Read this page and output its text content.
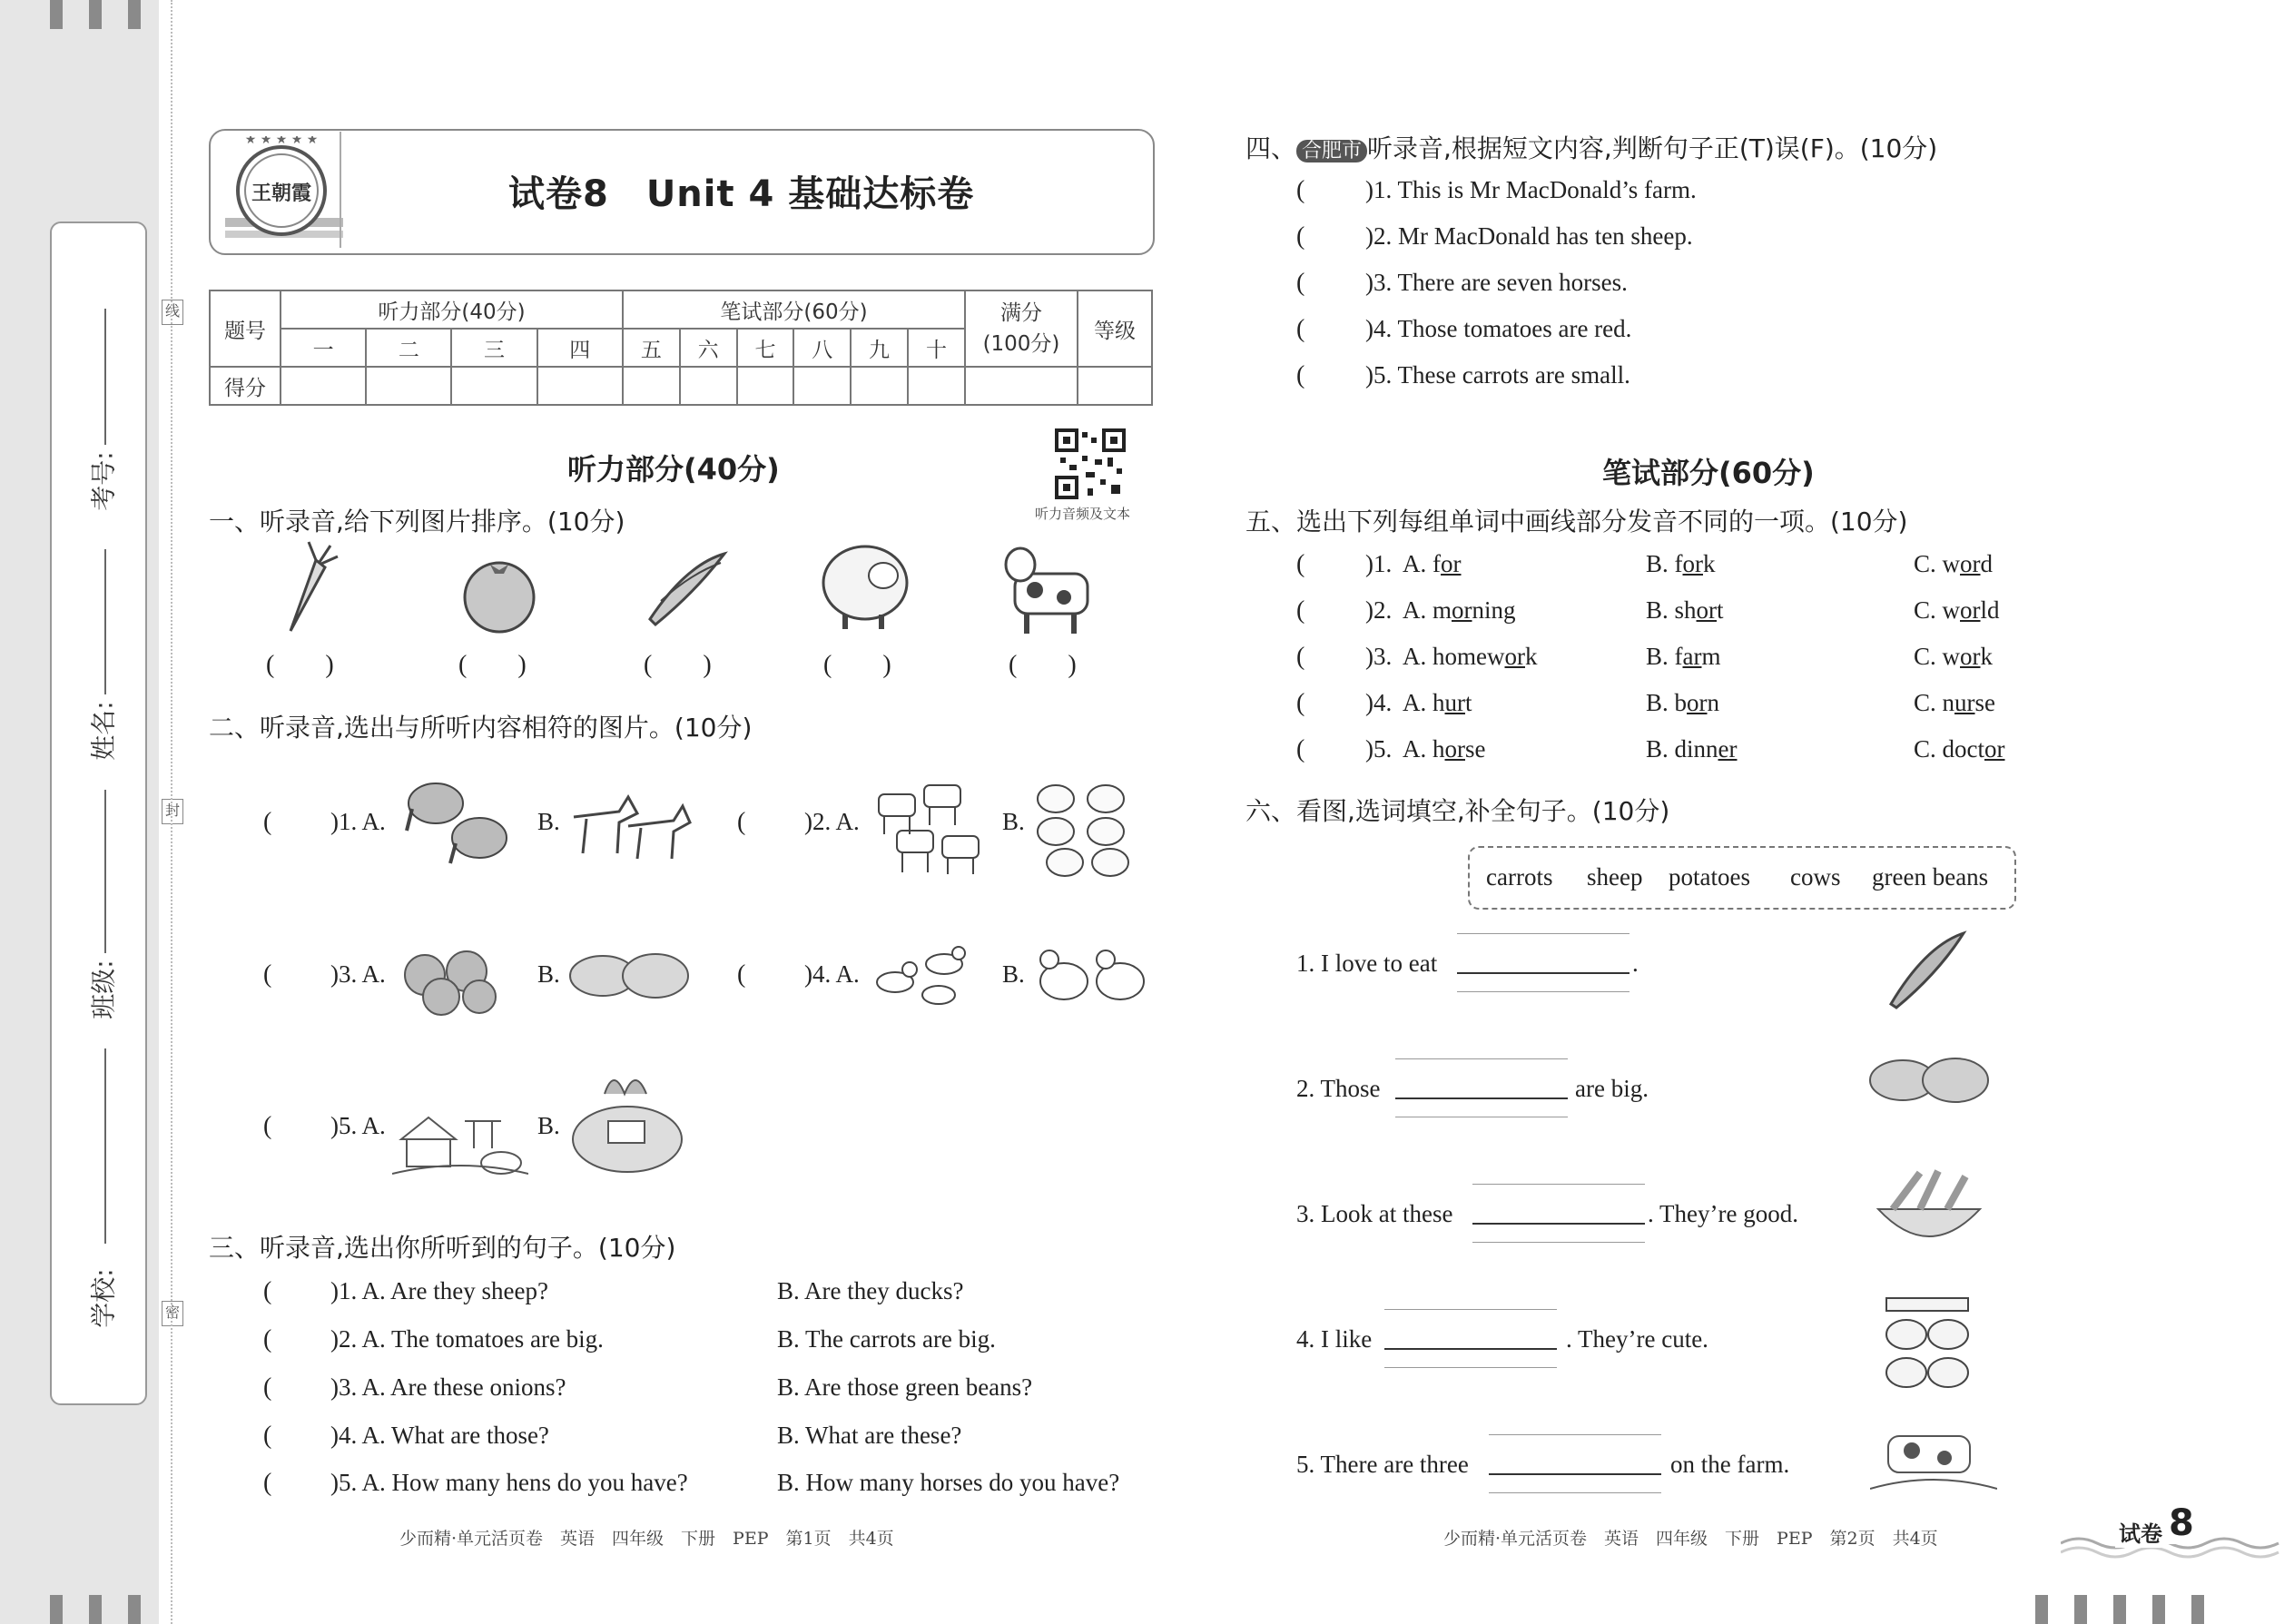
考号:
姓名:
班级:
学校:
线
封
密
★ ★ ★ ★ ★
王朝霞	试卷8　Unit 4 基础达标卷
题号	听力部分(40分)				笔试部分(60分)						满分
(100分)	等级
	一	二	三	四	五	六	七	八	九	十		
得分												
听力部分(40分)
听力音频及文本
一、听录音,给下列图片排序。(10分)
(　　)	(　　)	(　　)	(　　)	(　　)
二、听录音,选出与所听内容相符的图片。(10分)
( )1. A.	B.	( )2. A.	B.
( )3. A.	B.	( )4. A.	B.
( )5. A.	B.
三、听录音,选出你所听到的句子。(10分)
( )1. A. Are they sheep?	B. Are they ducks?
( )2. A. The tomatoes are big.	B. The carrots are big.
( )3. A. Are these onions?	B. Are those green beans?
( )4. A. What are those?	B. What are these?
( )5. A. How many hens do you have?	B. How many horses do you have?
少而精·单元活页卷　英语　四年级　下册　PEP　第1页　共4页
四、 合肥市 听录音,根据短文内容,判断句子正(T)误(F)。(10分)
( )1. This is Mr MacDonald’s farm.
( )2. Mr MacDonald has ten sheep.
( )3. There are seven horses.
( )4. Those tomatoes are red.
( )5. These carrots are small.
笔试部分(60分)
五、选出下列每组单词中画线部分发音不同的一项。(10分)
( )1. A. for	B. fork	C. word
( )2. A. morning	B. short	C. world
( )3. A. homework	B. farm	C. work
( )4. A. hurt	B. born	C. nurse
( )5. A. horse	B. dinner	C. doctor
六、看图,选词填空,补全句子。(10分)
carrots sheep potatoes cows green beans
1. I love to eat	.
2. Those	are big.
3. Look at these	. They’re good.
4. I like	. They’re cute.
5. There are three	on the farm.
少而精·单元活页卷　英语　四年级　下册　PEP　第2页　共4页	试卷 8
